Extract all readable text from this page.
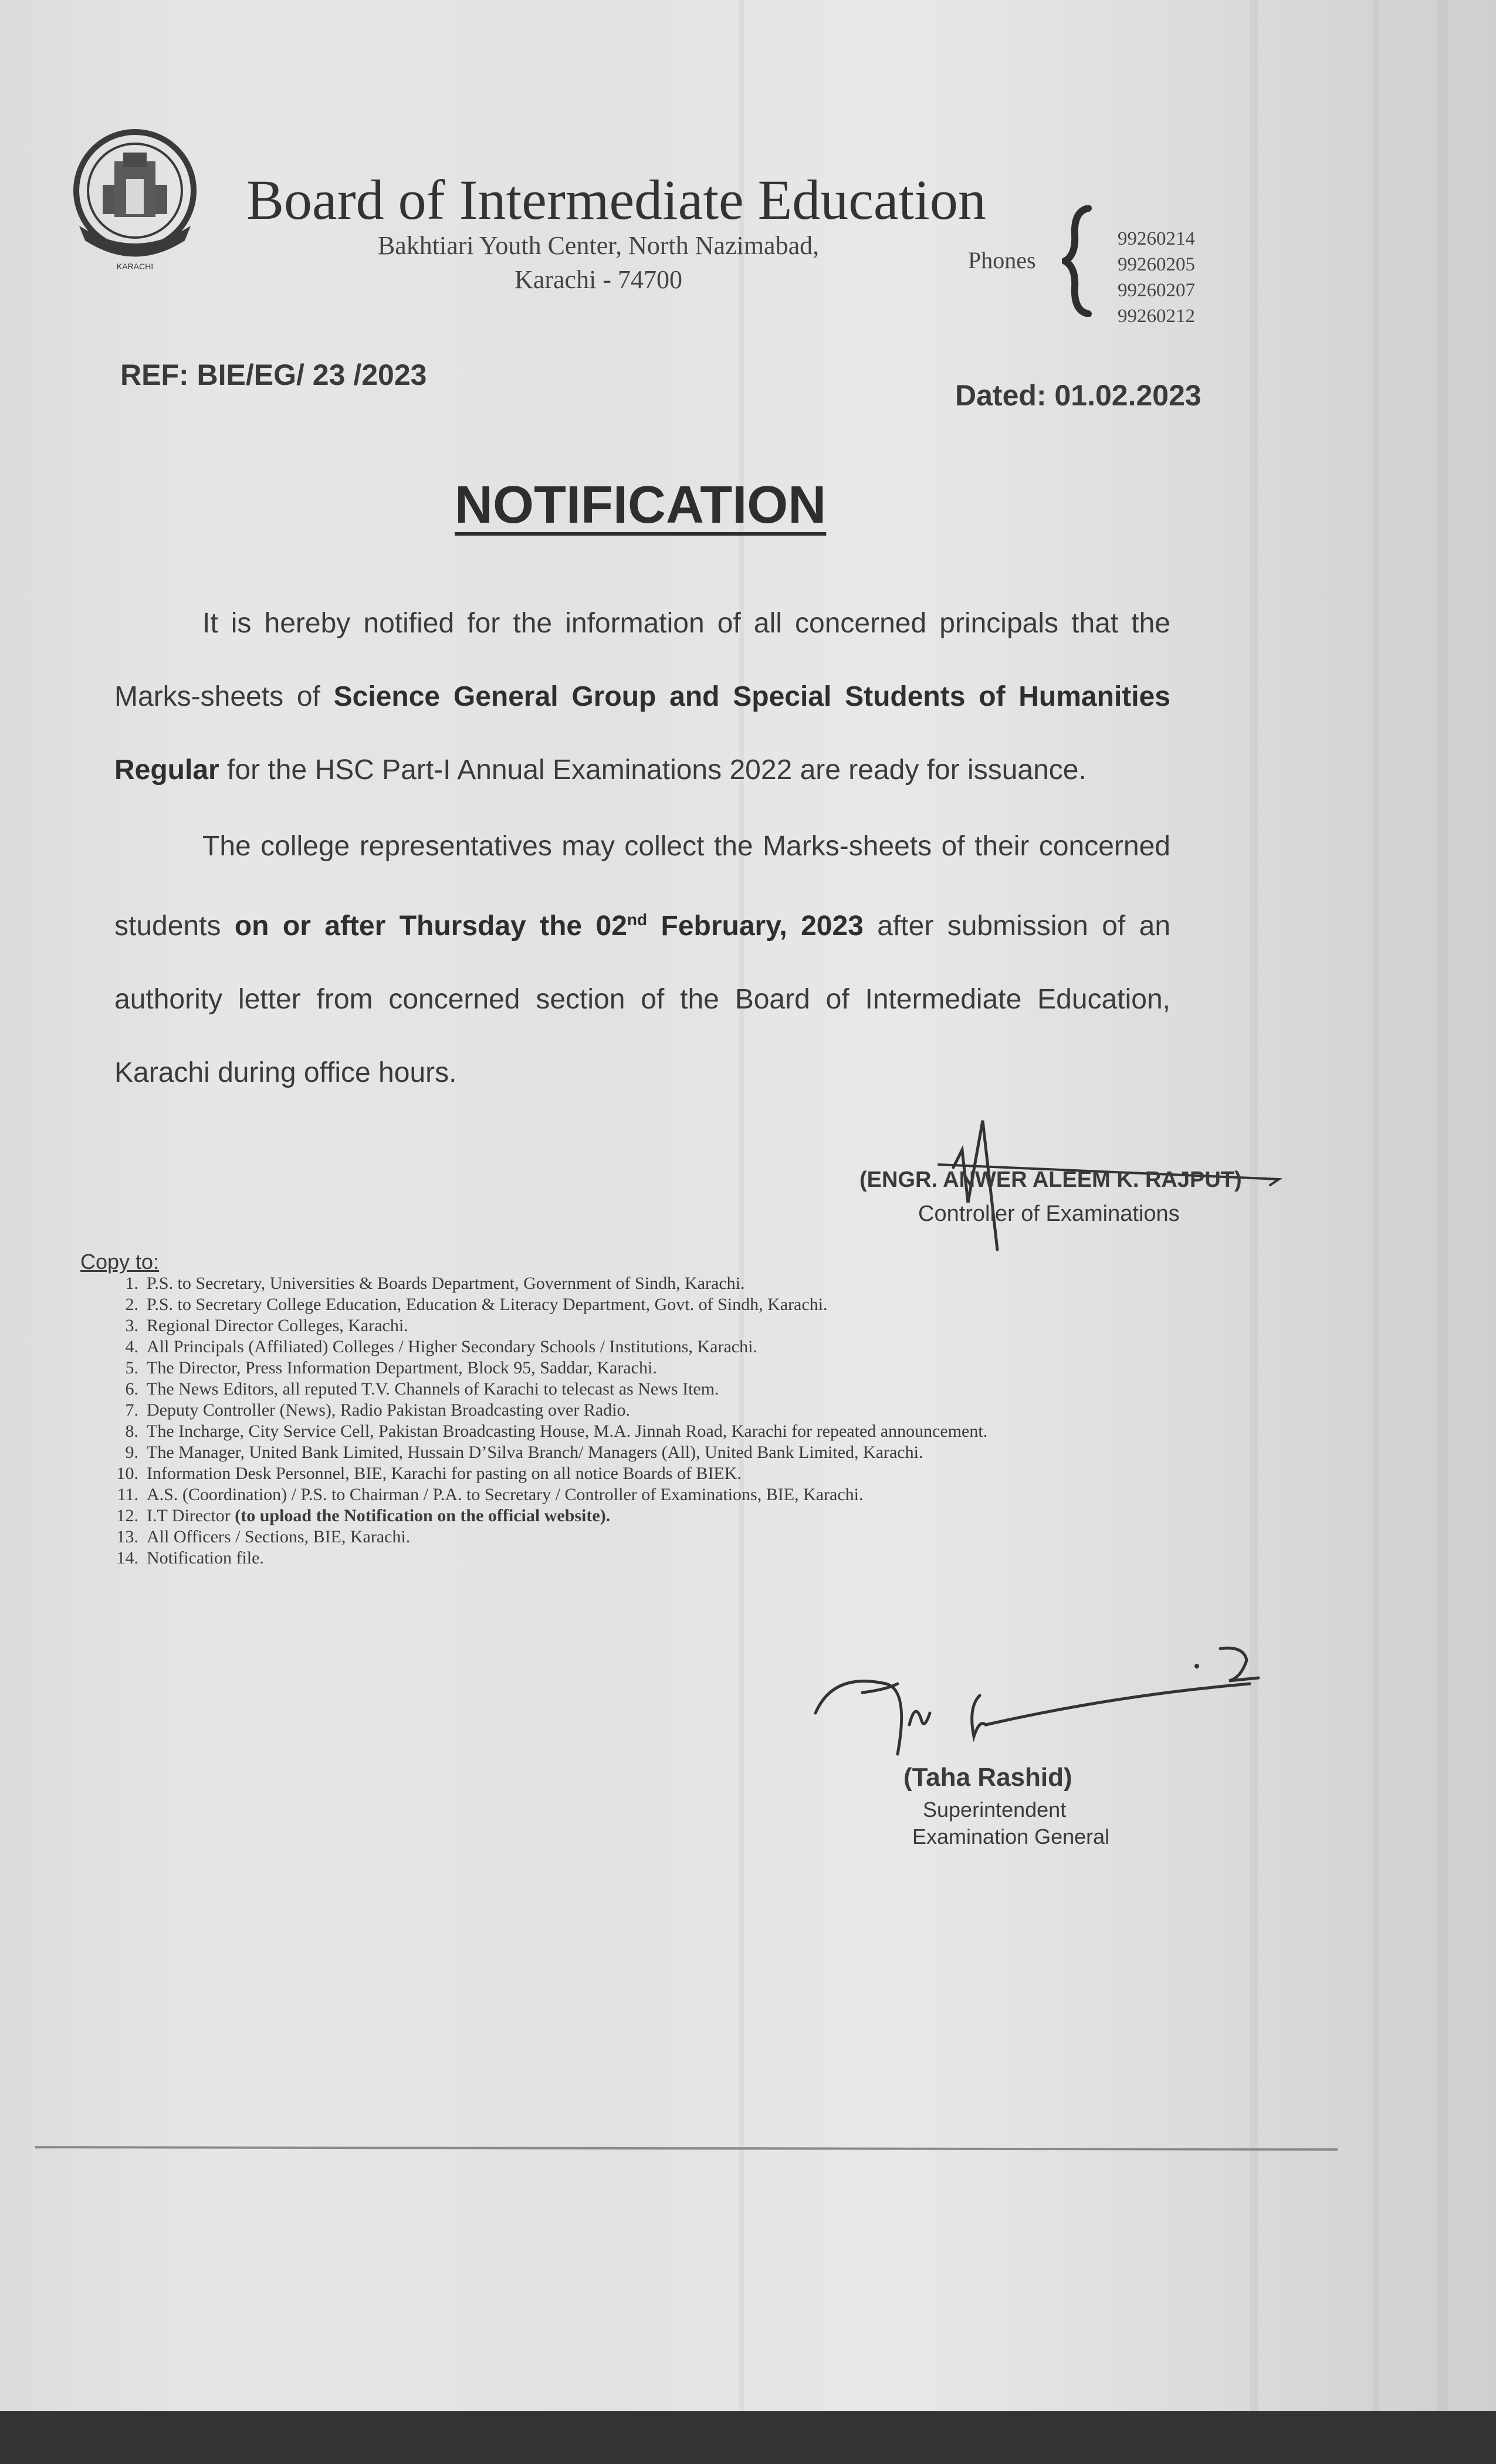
KARACHI
Board of Intermediate Education
Bakhtiari Youth Center, North Nazimabad,
Karachi - 74700
Phones
99260214
99260205
99260207
99260212
REF: BIE/EG/ 23 /2023
Dated: 01.02.2023
NOTIFICATION
It is hereby notified for the information of all concerned principals that the Marks-sheets of Science General Group and Special Students of Humanities Regular for the HSC Part-I Annual Examinations 2022 are ready for issuance.
The college representatives may collect the Marks-sheets of their concerned students on or after Thursday the 02nd February, 2023 after submission of an authority letter from concerned section of the Board of Intermediate Education, Karachi during office hours.
(ENGR. ANWER ALEEM K. RAJPUT)
Controller of Examinations
Copy to:
1. P.S. to Secretary, Universities & Boards Department, Government of Sindh, Karachi.
2. P.S. to Secretary College Education, Education & Literacy Department, Govt. of Sindh, Karachi.
3. Regional Director Colleges, Karachi.
4. All Principals (Affiliated) Colleges / Higher Secondary Schools / Institutions, Karachi.
5. The Director, Press Information Department, Block 95, Saddar, Karachi.
6. The News Editors, all reputed T.V. Channels of Karachi to telecast as News Item.
7. Deputy Controller (News), Radio Pakistan Broadcasting over Radio.
8. The Incharge, City Service Cell, Pakistan Broadcasting House, M.A. Jinnah Road, Karachi for repeated announcement.
9. The Manager, United Bank Limited, Hussain D’Silva Branch/ Managers (All), United Bank Limited, Karachi.
10. Information Desk Personnel, BIE, Karachi for pasting on all notice Boards of BIEK.
11. A.S. (Coordination) / P.S. to Chairman / P.A. to Secretary / Controller of Examinations, BIE, Karachi.
12. I.T Director (to upload the Notification on the official website).
13. All Officers / Sections, BIE, Karachi.
14. Notification file.
(Taha Rashid)
Superintendent
Examination General
